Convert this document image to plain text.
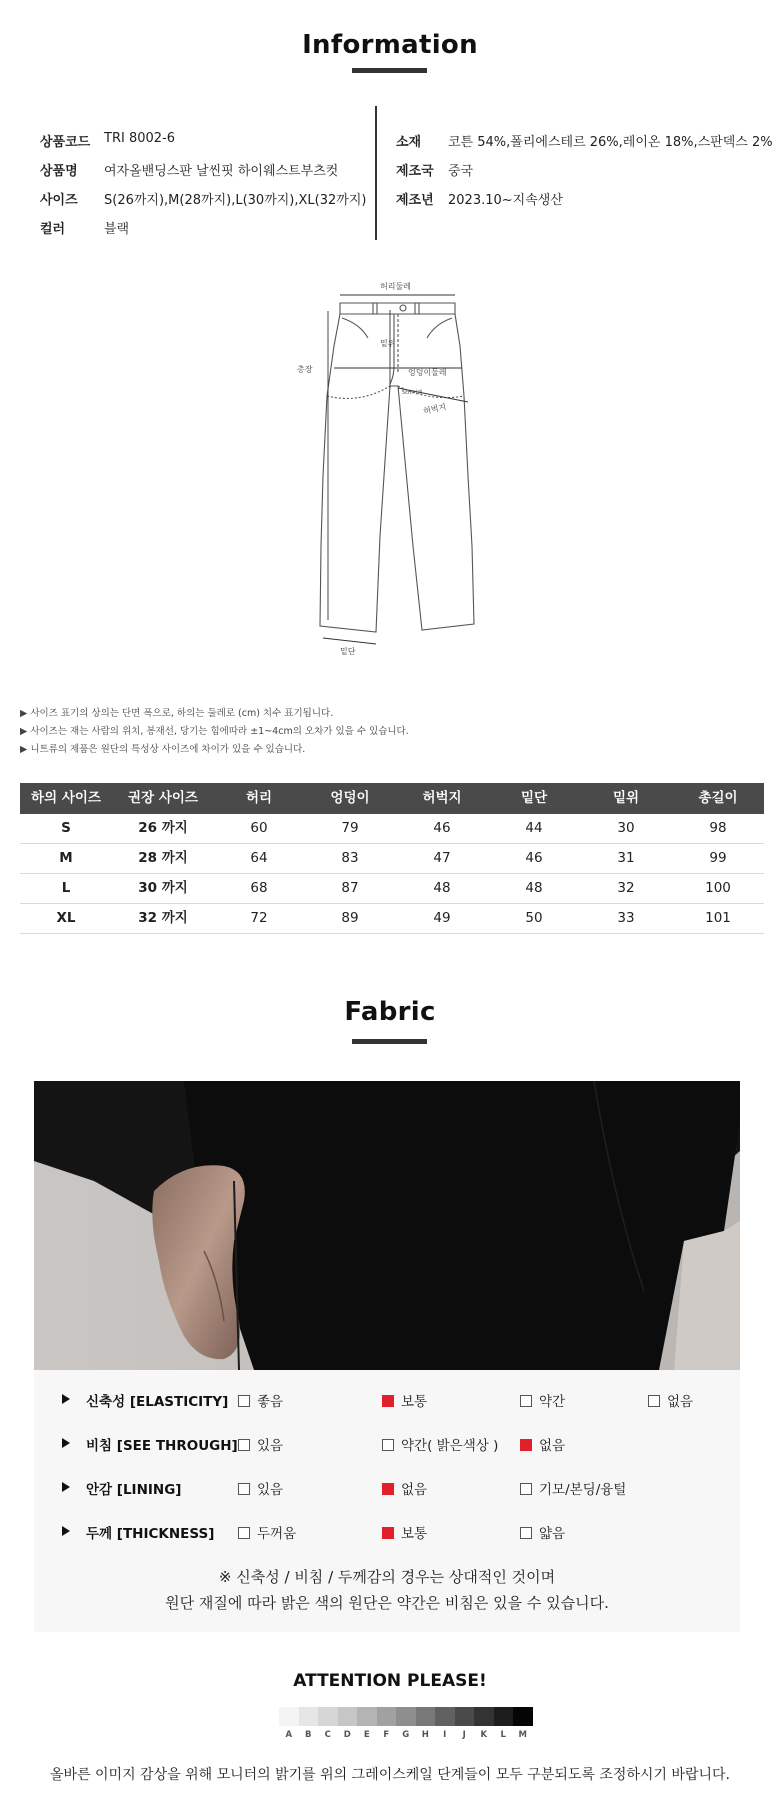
Information
상품코드 TRI 8002-6
상품명 여자올밴딩스판 날씬핏 하이웨스트부츠컷
사이즈 S(26까지),M(28까지),L(30까지),XL(32까지)
컬러	블랙
소재 코튼 54%,폴리에스테르 26%,레이온 18%,스판덱스 2%
제조국 중국
제조년 2023.10~지속생산
허리둘레
총장
밑위
엉덩이둘레
5cm아래
허벅지
밑단
▶ 사이즈 표기의 상의는 단면 폭으로, 하의는 둘레로 (cm) 치수 표기됩니다.
▶ 사이즈는 재는 사람의 위치, 봉재선, 당기는 힘에따라 ±1~4cm의 오차가 있을 수 있습니다.
▶ 니트류의 제품은 원단의 특성상 사이즈에 차이가 있을 수 있습니다.
하의 사이즈	권장 사이즈	허리	엉덩이	허벅지	밑단	밑위	총길이
S	26 까지	60	79	46	44	30	98
M	28 까지	64	83	47	46	31	99
L	30 까지	68	87	48	48	32	100
XL	32 까지	72	89	49	50	33	101
Fabric
신축성 [ELASTICITY]	좋음	보통	약간	없음
비침 [SEE THROUGH]	있음	약간( 밝은색상 )	없음
안감 [LINING]	있음	없음	기모/본딩/융털
두께 [THICKNESS]	두꺼움	보통	얇음
※ 신축성 / 비침 / 두께감의 경우는 상대적인 것이며
원단 재질에 따라 밝은 색의 원단은 약간은 비침은 있을 수 있습니다.
ATTENTION PLEASE!
A	B	C	D	E	F	G	H	I	J	K	L	M
올바른 이미지 감상을 위해 모니터의 밝기를 위의 그레이스케일 단계들이 모두 구분되도록 조정하시기 바랍니다.
